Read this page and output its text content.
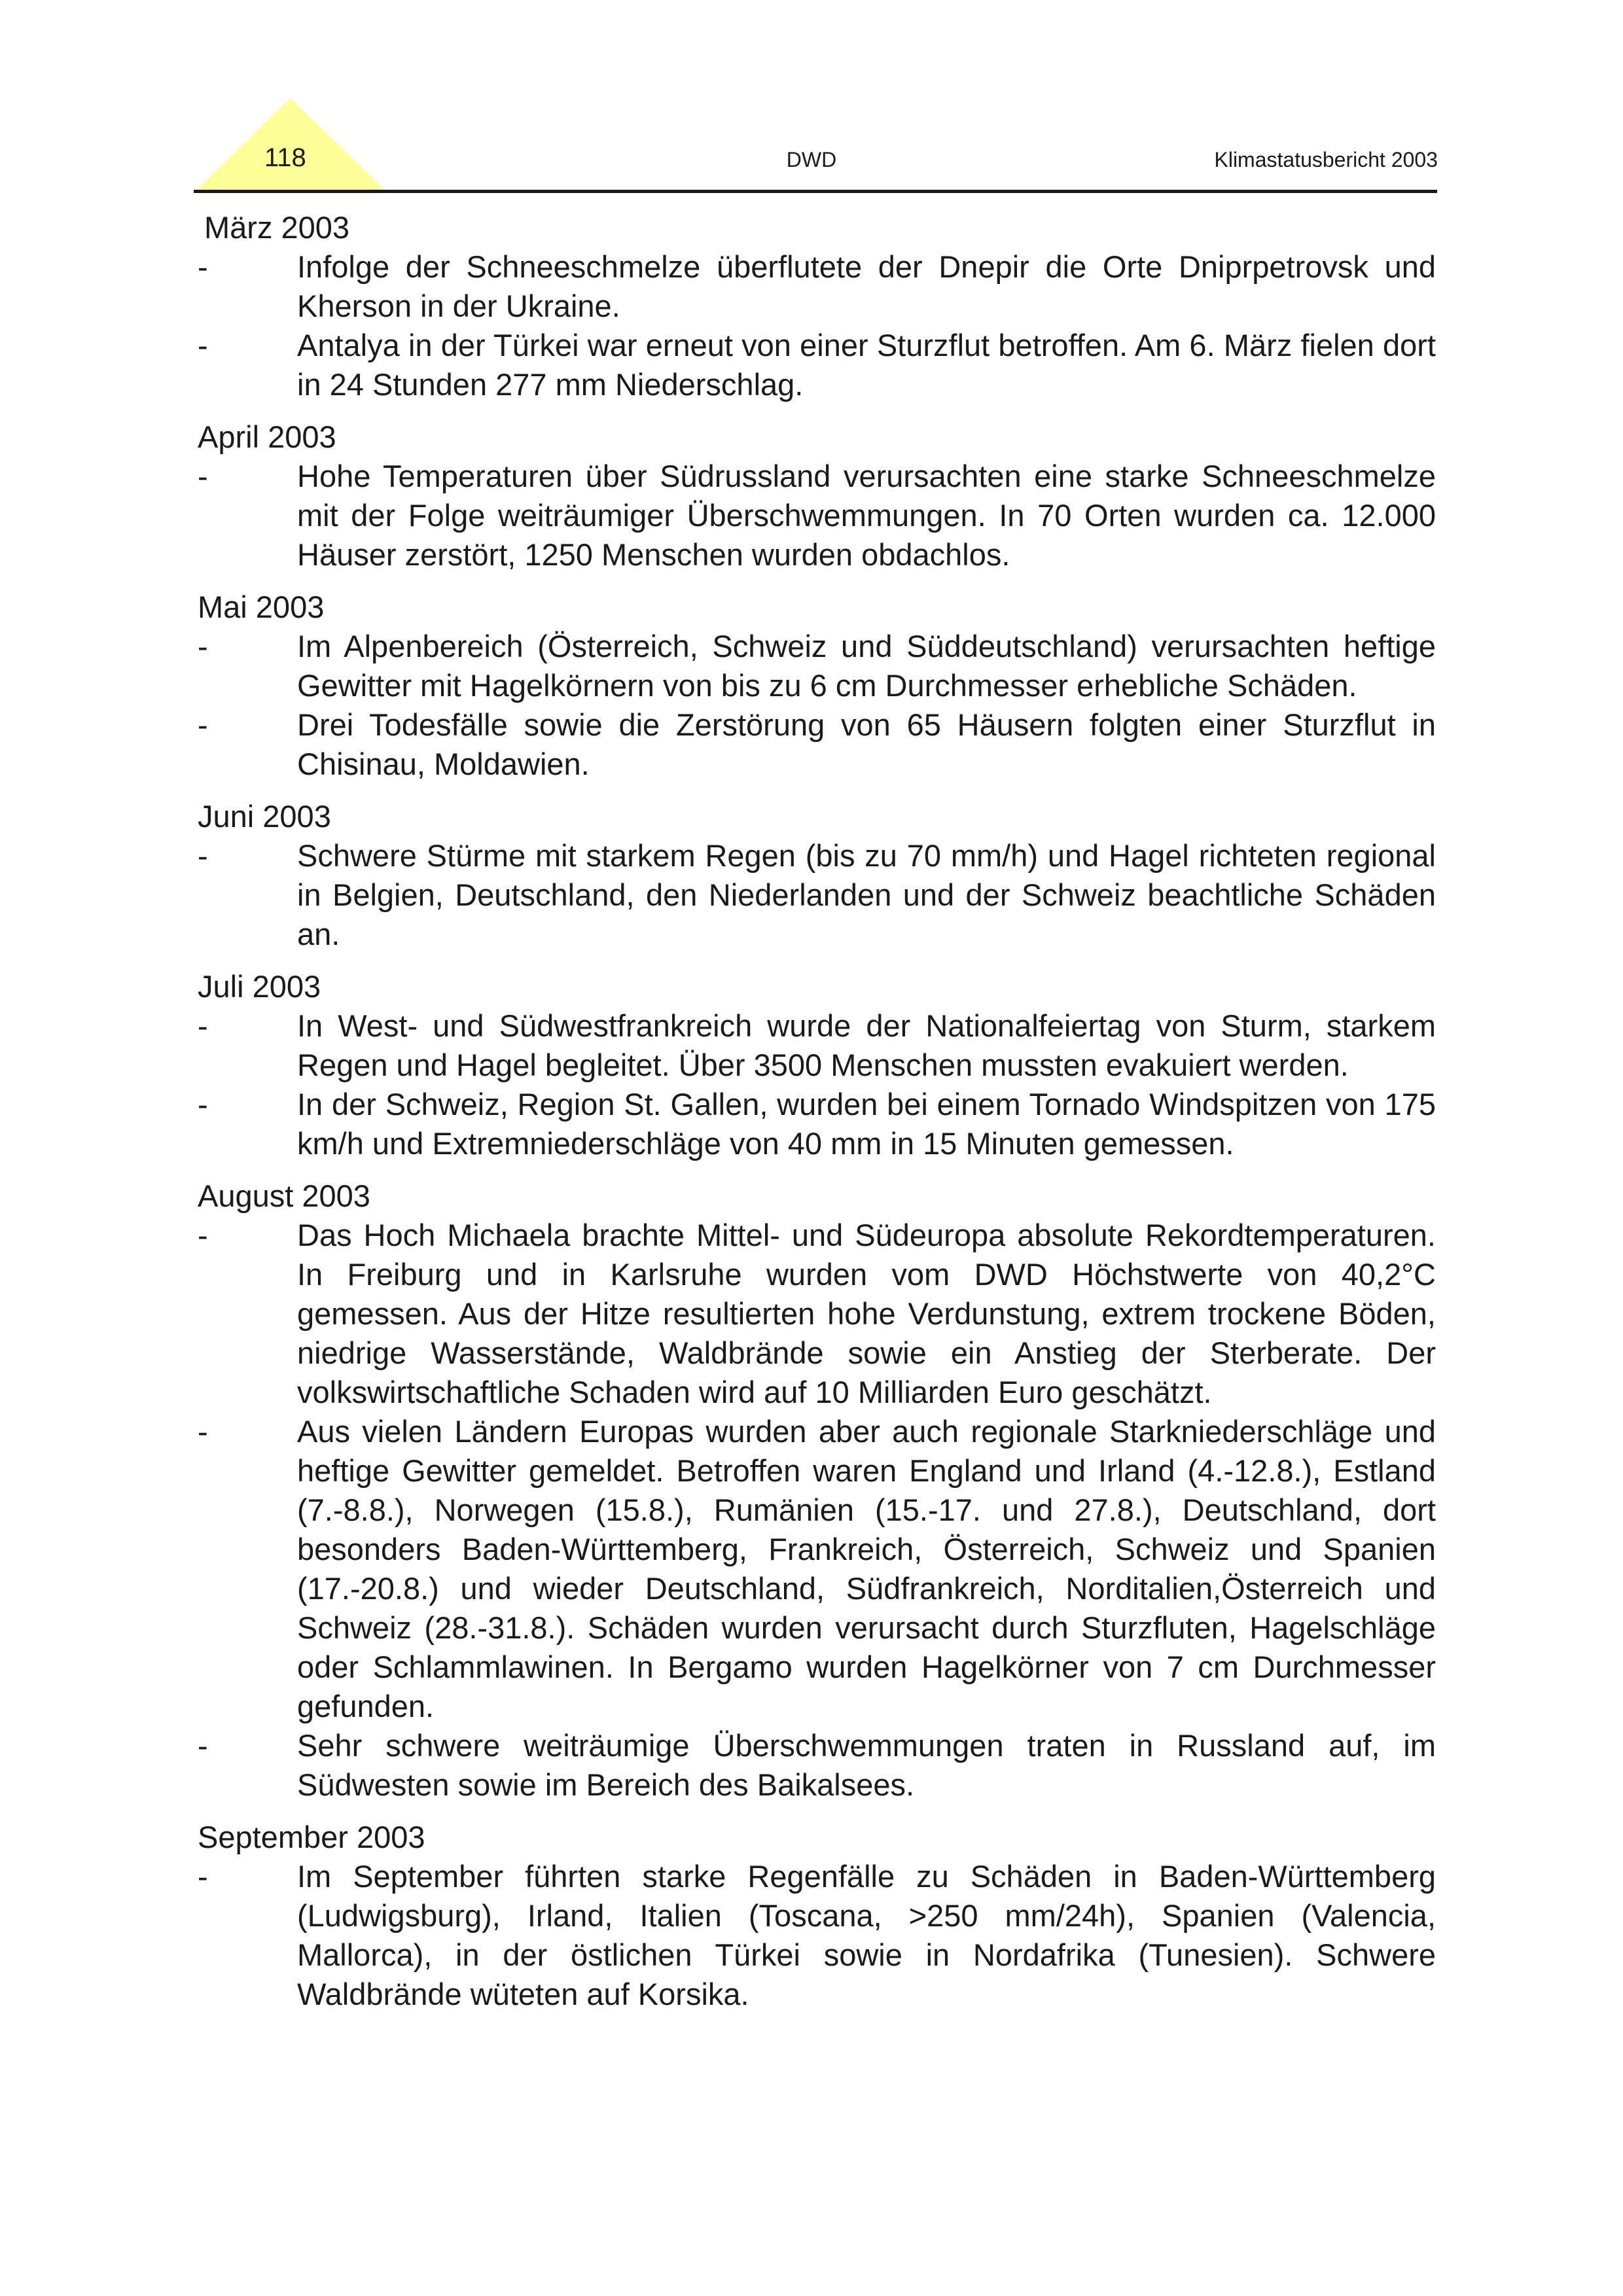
118	DWD	Klimastatusbericht 2003

März 2003

-	Infolge der Schneeschmelze überflutete der Dnepir die Orte Dniprpetrovsk und Kherson in der Ukraine.

-	Antalya in der Türkei war erneut von einer Sturzflut betroffen. Am 6. März fielen dort in 24 Stunden 277 mm Niederschlag.

April 2003

-	Hohe Temperaturen über Südrussland verursachten eine starke Schneeschmelze mit der Folge weiträumiger Überschwemmungen. In 70 Orten wurden ca. 12.000 Häuser zerstört, 1250 Menschen wurden obdachlos.

Mai 2003

-	Im Alpenbereich (Österreich, Schweiz und Süddeutschland) verursachten heftige Gewitter mit Hagelkörnern von bis zu 6 cm Durchmesser erhebliche Schäden.

-	Drei Todesfälle sowie die Zerstörung von 65 Häusern folgten einer Sturzflut in Chisinau, Moldawien.

Juni 2003

-	Schwere Stürme mit starkem Regen (bis zu 70 mm/h) und Hagel richteten regional in Belgien, Deutschland, den Niederlanden und der Schweiz beachtliche Schäden an.

Juli 2003

-	In West- und Südwestfrankreich wurde der Nationalfeiertag von Sturm, starkem Regen und Hagel begleitet. Über 3500 Menschen mussten evakuiert werden.

-	In der Schweiz, Region St. Gallen, wurden bei einem Tornado Windspitzen von 175 km/h und Extremniederschläge von 40 mm in 15 Minuten gemessen.

August 2003

-	Das Hoch Michaela brachte Mittel- und Südeuropa absolute Rekordtemperaturen. In Freiburg und in Karlsruhe wurden vom DWD Höchstwerte von 40,2°C gemessen. Aus der Hitze resultierten hohe Verdunstung, extrem trockene Böden, niedrige Wasserstände, Waldbrände sowie ein Anstieg der Sterberate. Der volkswirtschaftliche Schaden wird auf 10 Milliarden Euro geschätzt.

-	Aus vielen Ländern Europas wurden aber auch regionale Starkniederschläge und heftige Gewitter gemeldet. Betroffen waren England und Irland (4.-12.8.), Estland (7.-8.8.), Norwegen (15.8.), Rumänien (15.-17. und 27.8.), Deutschland, dort besonders Baden-Württemberg, Frankreich, Österreich, Schweiz und Spanien (17.-20.8.) und wieder Deutschland, Südfrankreich, Norditalien,Österreich und Schweiz (28.-31.8.). Schäden wurden verursacht durch Sturzfluten, Hagelschläge oder Schlammlawinen. In Bergamo wurden Hagelkörner von 7 cm Durchmesser gefunden.

-	Sehr schwere weiträumige Überschwemmungen traten in Russland auf, im Südwesten sowie im Bereich des Baikalsees.

September 2003

-	Im September führten starke Regenfälle zu Schäden in Baden-Württemberg (Ludwigsburg), Irland, Italien (Toscana, >250 mm/24h), Spanien (Valencia, Mallorca), in der östlichen Türkei sowie in Nordafrika (Tunesien). Schwere Waldbrände wüteten auf Korsika.
